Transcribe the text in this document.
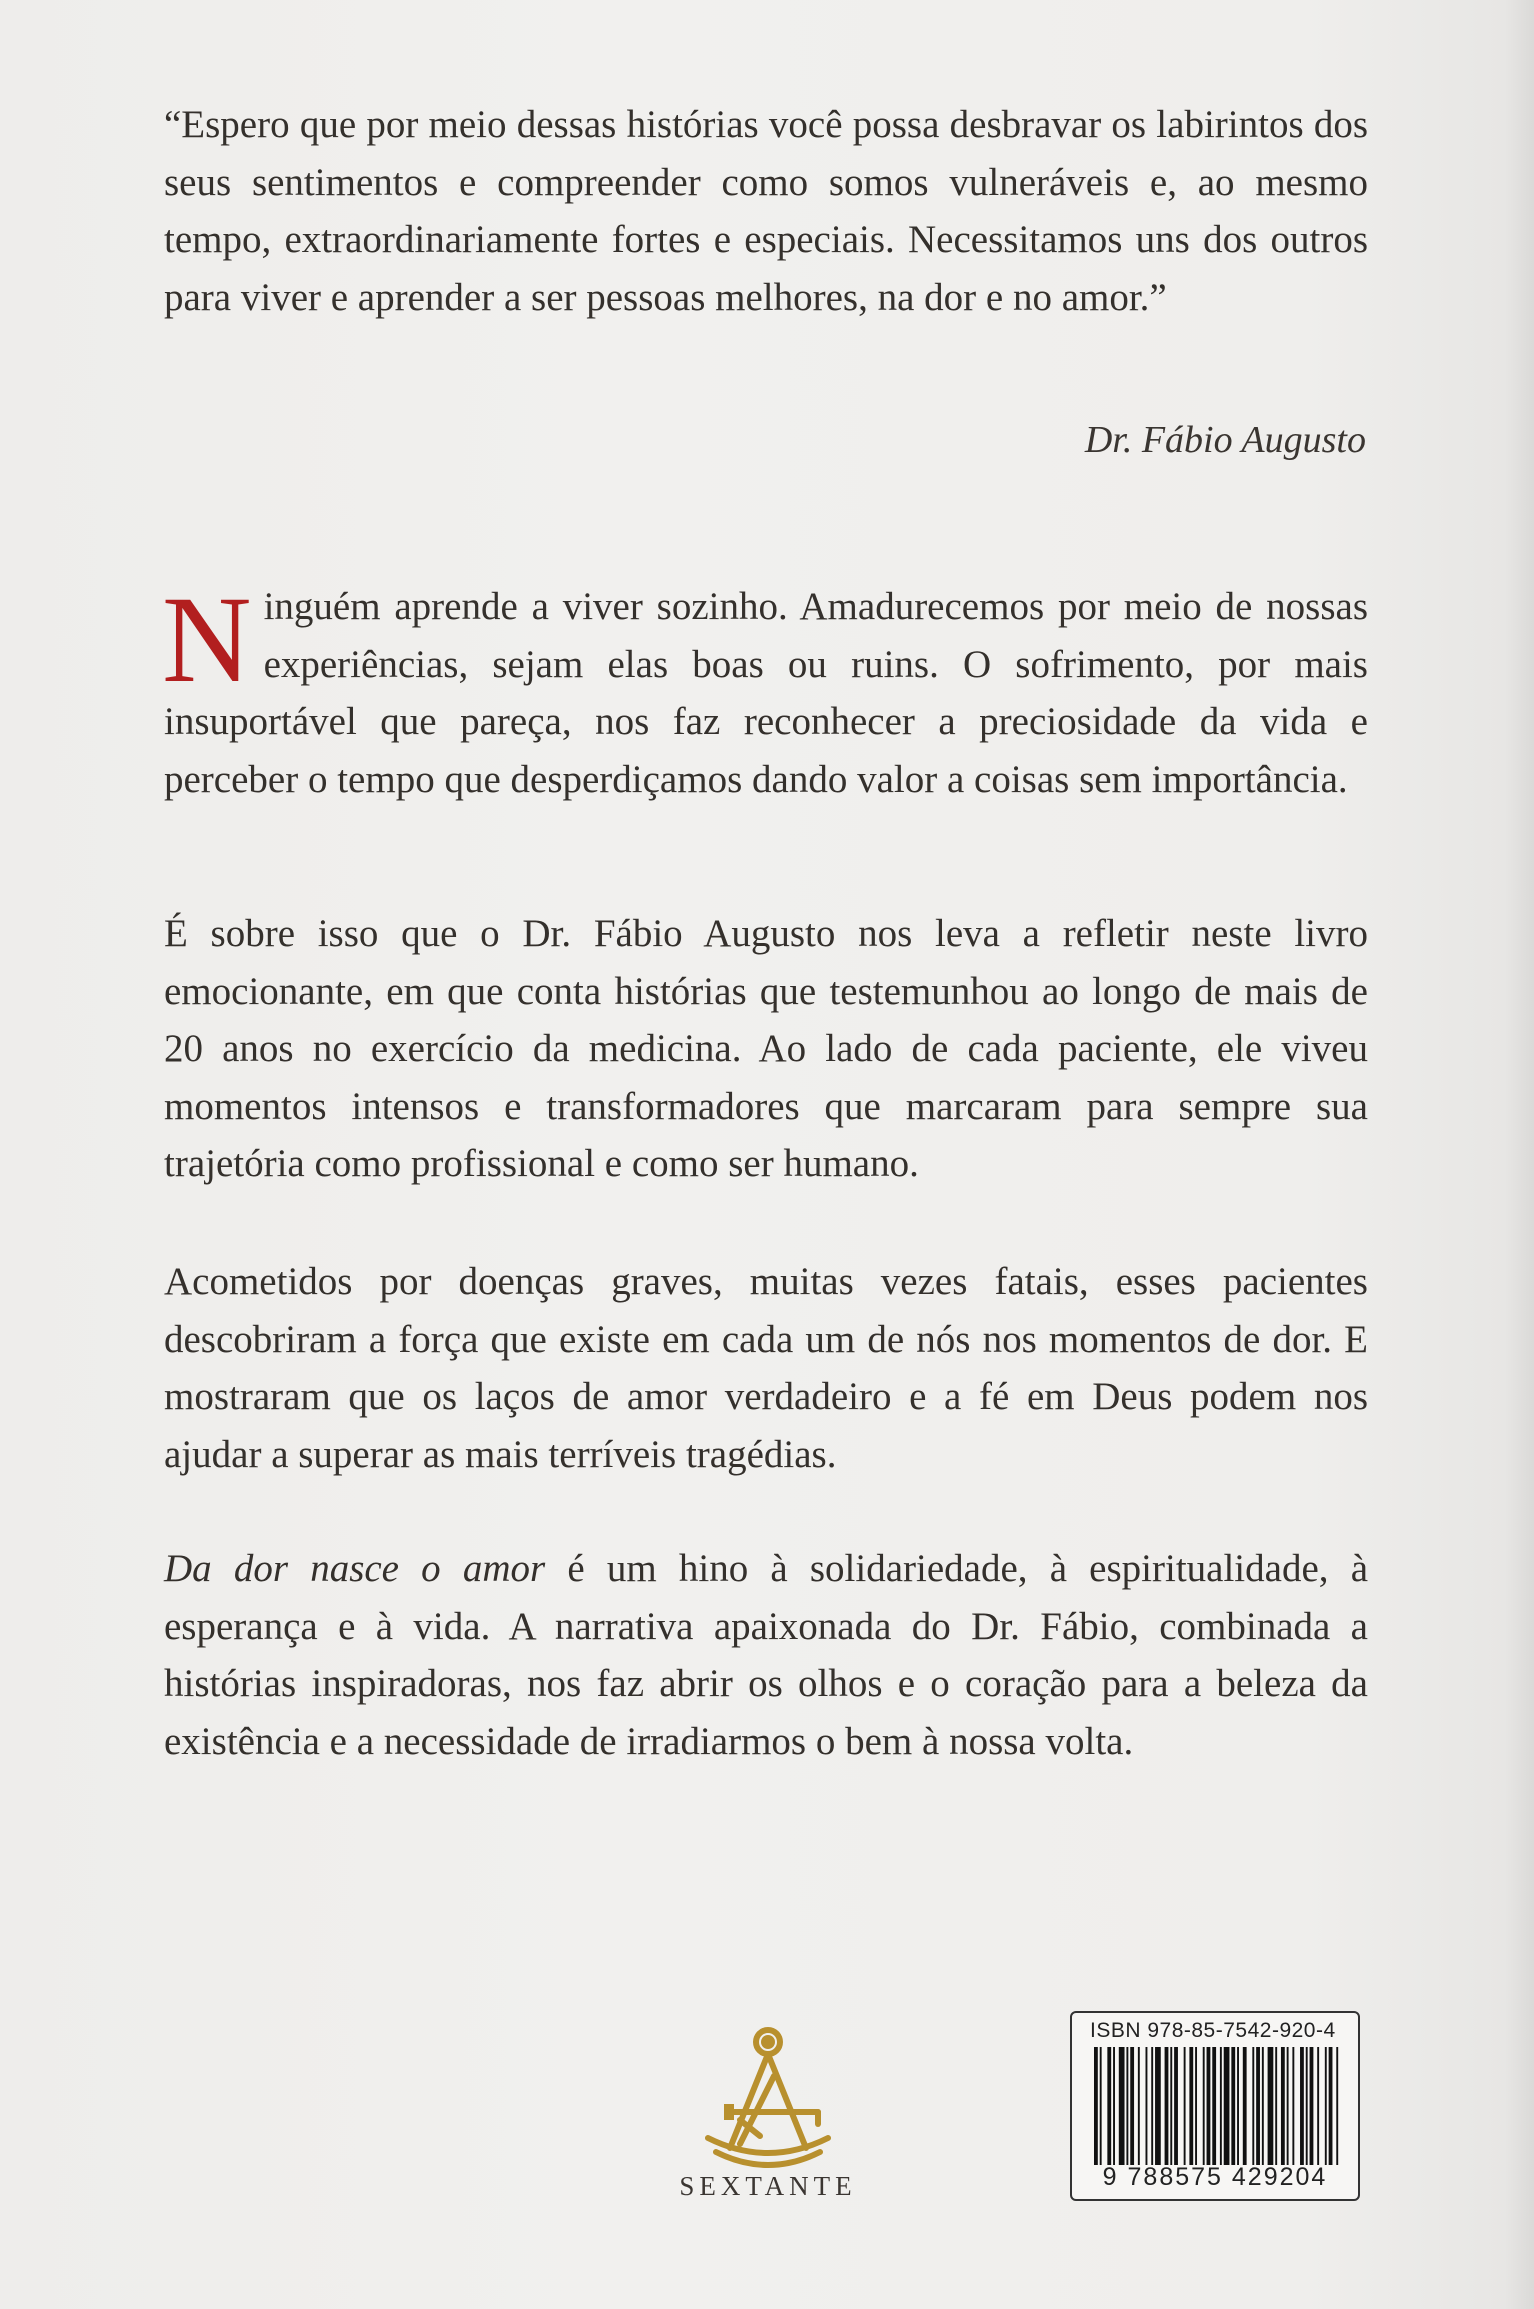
“Espero que por meio dessas histórias você possa desbravar os labirintos dos seus sentimentos e compreender como somos vulneráveis e, ao mesmo tempo, extraordinariamente fortes e especiais. Necessitamos uns dos outros para viver e aprender a ser pessoas melhores, na dor e no amor.”
Dr. Fábio Augusto
Ninguém aprende a viver sozinho. Amadurecemos por meio de nossas experiências, sejam elas boas ou ruins. O sofrimento, por mais insuportável que pareça, nos faz reconhecer a preciosidade da vida e perceber o tempo que desperdiçamos dando valor a coisas sem importância.
É sobre isso que o Dr. Fábio Augusto nos leva a refletir neste livro emocionante, em que conta histórias que testemunhou ao longo de mais de 20 anos no exercício da medicina. Ao lado de cada paciente, ele viveu momentos intensos e transformadores que marcaram para sempre sua trajetória como profissional e como ser humano.
Acometidos por doenças graves, muitas vezes fatais, esses pacientes descobriram a força que existe em cada um de nós nos momentos de dor. E mostraram que os laços de amor verdadeiro e a fé em Deus podem nos ajudar a superar as mais terríveis tragédias.
Da dor nasce o amor é um hino à solidariedade, à espiritualidade, à esperança e à vida. A narrativa apaixonada do Dr. Fábio, combinada a histórias inspiradoras, nos faz abrir os olhos e o coração para a beleza da existência e a necessidade de irradiarmos o bem à nossa volta.
SEXTANTE
ISBN 978-85-7542-920-4
9 788575 429204
